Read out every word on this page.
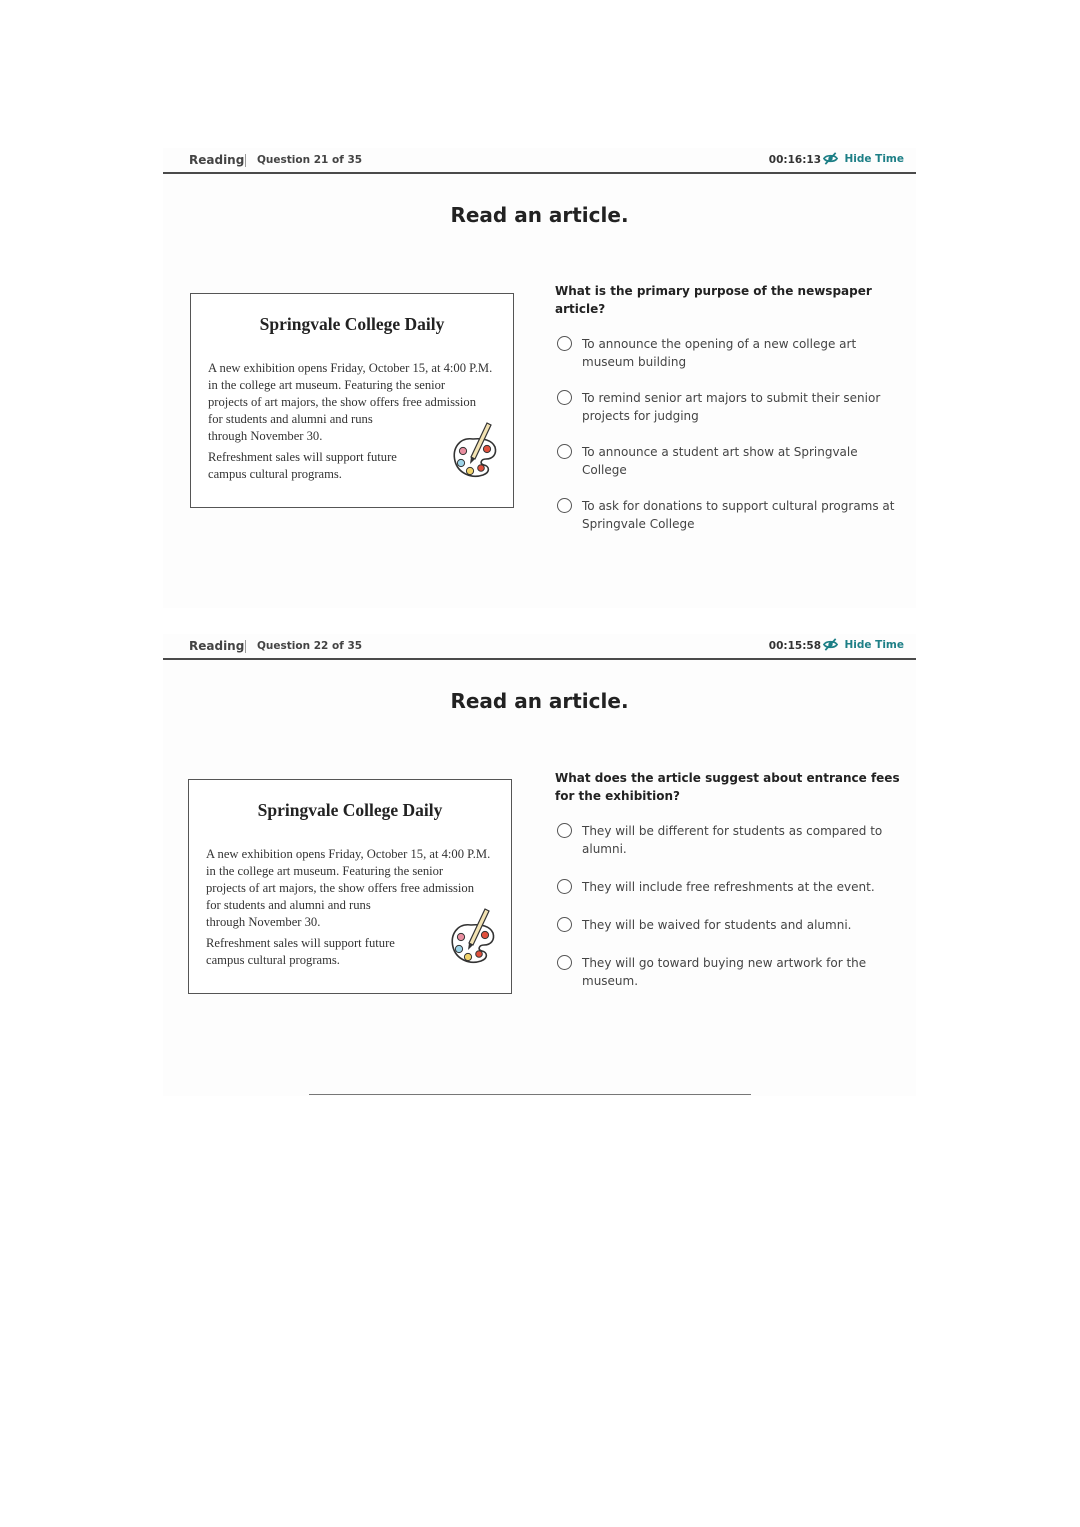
Reading Question 21 of 35	00:16:13 Hide Time
Read an article.
Springvale College Daily

A new exhibition opens Friday, October 15, at 4:00 P.M.
in the college art museum. Featuring the senior
projects of art majors, the show offers free admission
for students and alumni and runs
through November 30.

Refreshment sales will support future
campus cultural programs.

What is the primary purpose of the newspaper article?

To announce the opening of a new college art museum building
To remind senior art majors to submit their senior projects for judging
To announce a student art show at Springvale College
To ask for donations to support cultural programs at Springvale College
Reading Question 22 of 35	00:15:58 Hide Time
Read an article.
Springvale College Daily

A new exhibition opens Friday, October 15, at 4:00 P.M.
in the college art museum. Featuring the senior
projects of art majors, the show offers free admission
for students and alumni and runs
through November 30.

Refreshment sales will support future
campus cultural programs.

What does the article suggest about entrance fees for the exhibition?

They will be different for students as compared to alumni.
They will include free refreshments at the event.
They will be waived for students and alumni.
They will go toward buying new artwork for the museum.
